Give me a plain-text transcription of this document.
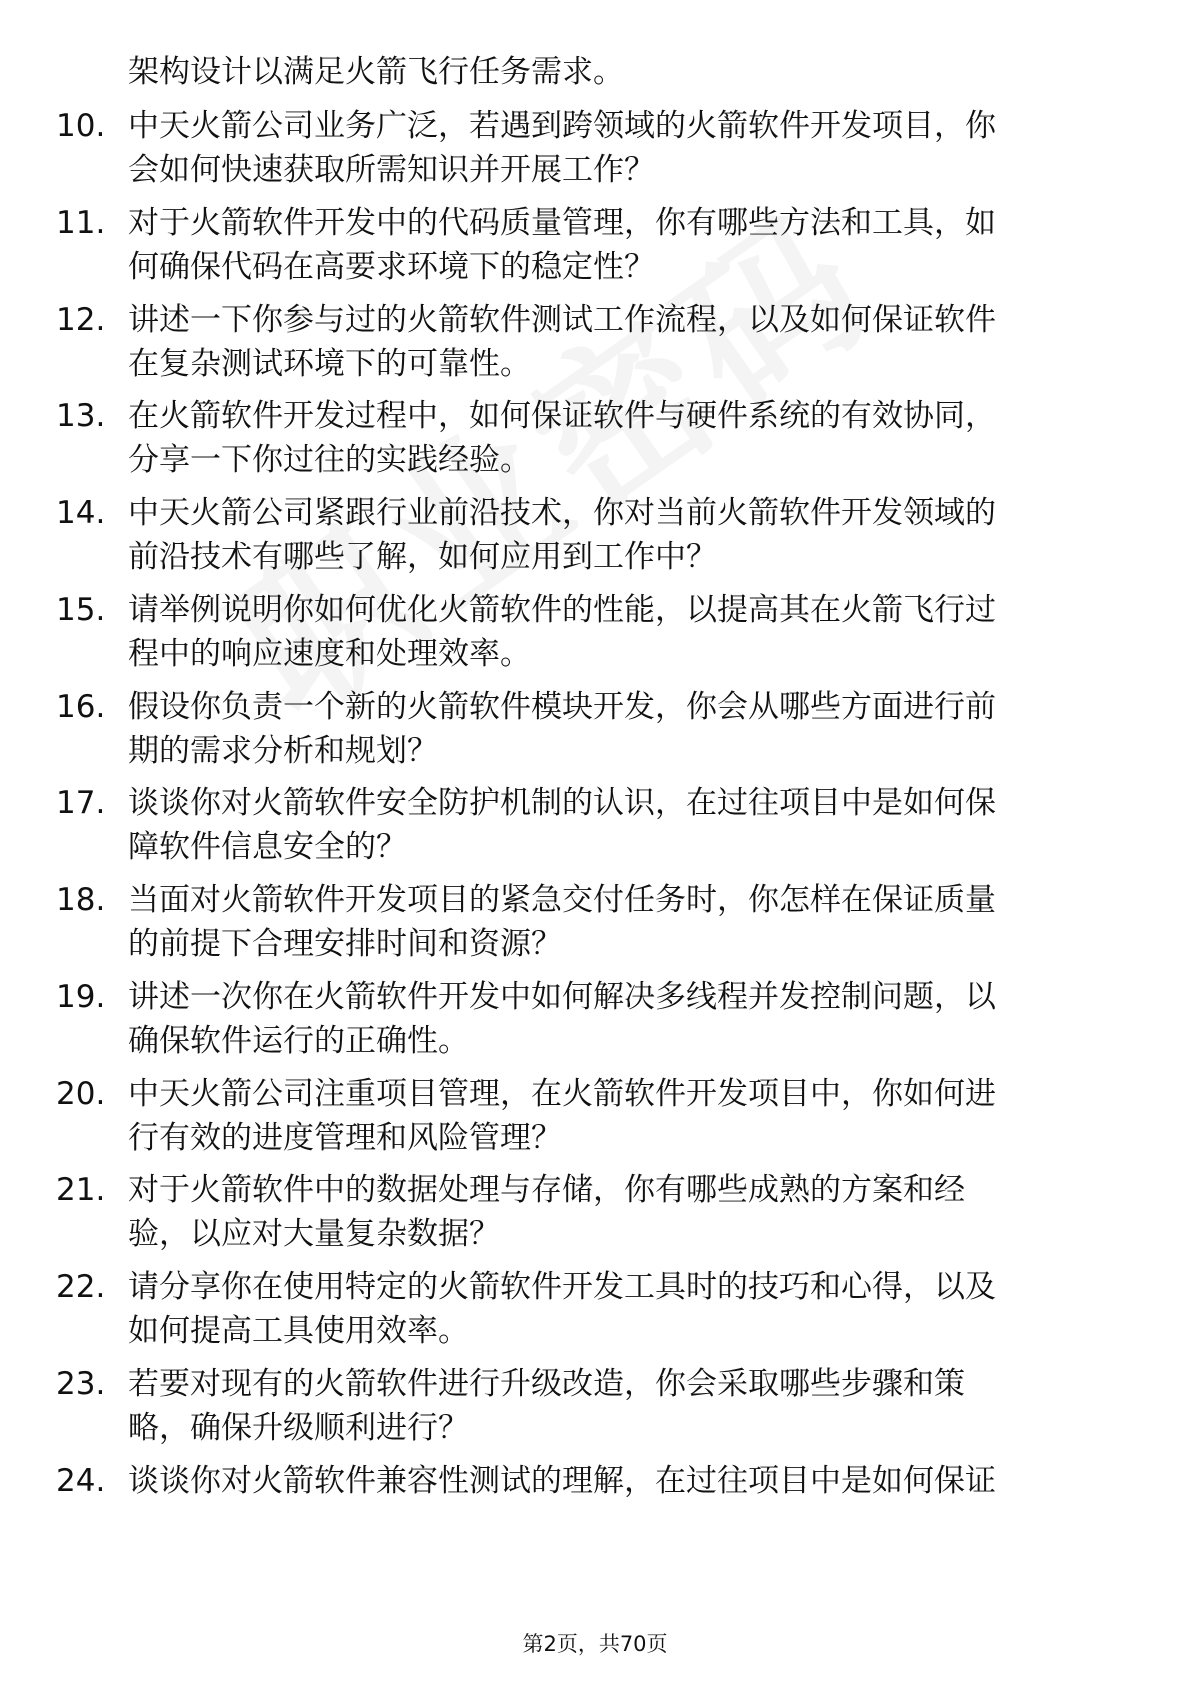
架构设计以满足火箭飞行任务需求。
10. 中天火箭公司业务广泛，若遇到跨领域的火箭软件开发项目，你
会如何快速获取所需知识并开展工作？
11. 对于火箭软件开发中的代码质量管理，你有哪些方法和工具，如
何确保代码在高要求环境下的稳定性？
12. 讲述一下你参与过的火箭软件测试工作流程，以及如何保证软件
在复杂测试环境下的可靠性。
13. 在火箭软件开发过程中，如何保证软件与硬件系统的有效协同，
分享一下你过往的实践经验。
14. 中天火箭公司紧跟行业前沿技术，你对当前火箭软件开发领域的
前沿技术有哪些了解，如何应用到工作中？
15. 请举例说明你如何优化火箭软件的性能，以提高其在火箭飞行过
程中的响应速度和处理效率。
16. 假设你负责一个新的火箭软件模块开发，你会从哪些方面进行前
期的需求分析和规划？
17. 谈谈你对火箭软件安全防护机制的认识，在过往项目中是如何保
障软件信息安全的？
18. 当面对火箭软件开发项目的紧急交付任务时，你怎样在保证质量
的前提下合理安排时间和资源？
19. 讲述一次你在火箭软件开发中如何解决多线程并发控制问题，以
确保软件运行的正确性。
20. 中天火箭公司注重项目管理，在火箭软件开发项目中，你如何进
行有效的进度管理和风险管理？
21. 对于火箭软件中的数据处理与存储，你有哪些成熟的方案和经
验，以应对大量复杂数据？
22. 请分享你在使用特定的火箭软件开发工具时的技巧和心得，以及
如何提高工具使用效率。
23. 若要对现有的火箭软件进行升级改造，你会采取哪些步骤和策
略，确保升级顺利进行？
24. 谈谈你对火箭软件兼容性测试的理解，在过往项目中是如何保证
第2页，共70页
